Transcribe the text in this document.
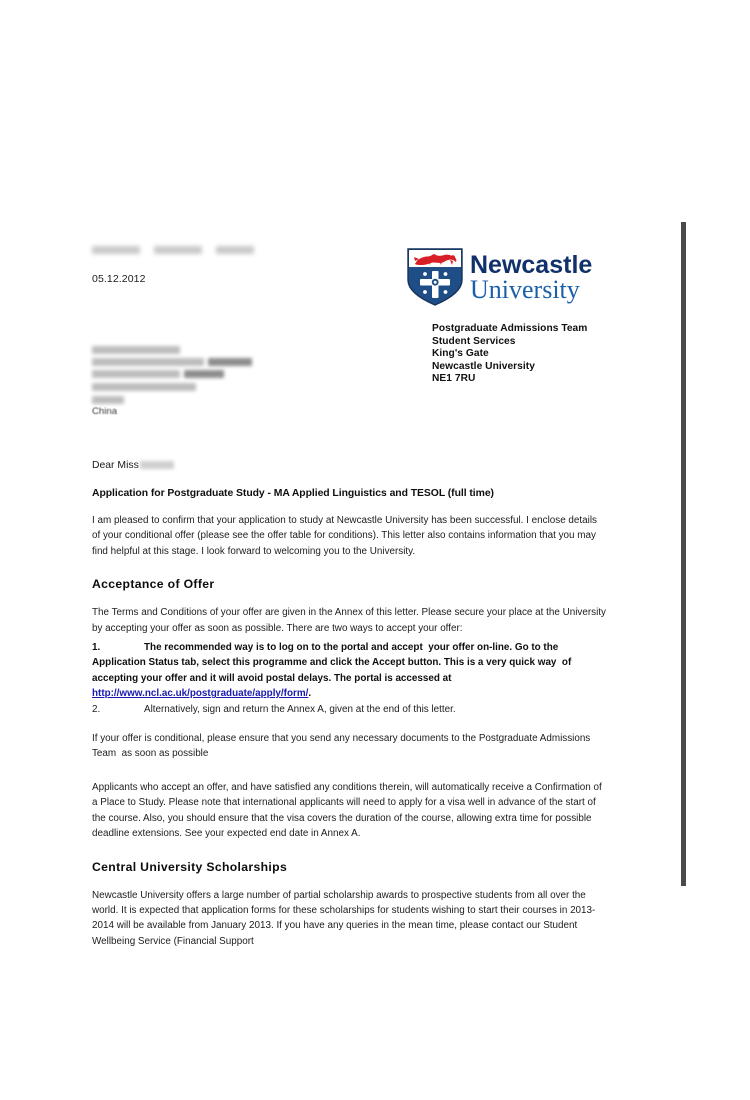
05.12.2012	Newcastle
University
Postgraduate Admissions Team
Student Services
King's Gate
Newcastle University
NE1 7RU
China
Dear Miss
Application for Postgraduate Study - MA Applied Linguistics and TESOL (full time)

I am pleased to confirm that your application to study at Newcastle University has been successful. I enclose details of your conditional offer (please see the offer table for conditions). This letter also contains information that you may find helpful at this stage. I look forward to welcoming you to the University.

Acceptance of Offer

The Terms and Conditions of your offer are given in the Annex of this letter. Please secure your place at the University by accepting your offer as soon as possible. There are two ways to accept your offer:

1.	The recommended way is to log on to the portal and accept  your offer on-line. Go to the Application Status tab, select this programme and click the Accept button. This is a very quick way  of accepting your offer and it will avoid postal delays. The portal is accessed at http://www.ncl.ac.uk/postgraduate/apply/form/.
2.	Alternatively, sign and return the Annex A, given at the end of this letter.

If your offer is conditional, please ensure that you send any necessary documents to the Postgraduate Admissions Team  as soon as possible

Applicants who accept an offer, and have satisfied any conditions therein, will automatically receive a Confirmation of a Place to Study. Please note that international applicants will need to apply for a visa well in advance of the start of the course. Also, you should ensure that the visa covers the duration of the course, allowing extra time for possible deadline extensions. See your expected end date in Annex A.

Central University Scholarships

Newcastle University offers a large number of partial scholarship awards to prospective students from all over the world. It is expected that application forms for these scholarships for students wishing to start their courses in 2013-2014 will be available from January 2013. If you have any queries in the mean time, please contact our Student Wellbeing Service (Financial Support
